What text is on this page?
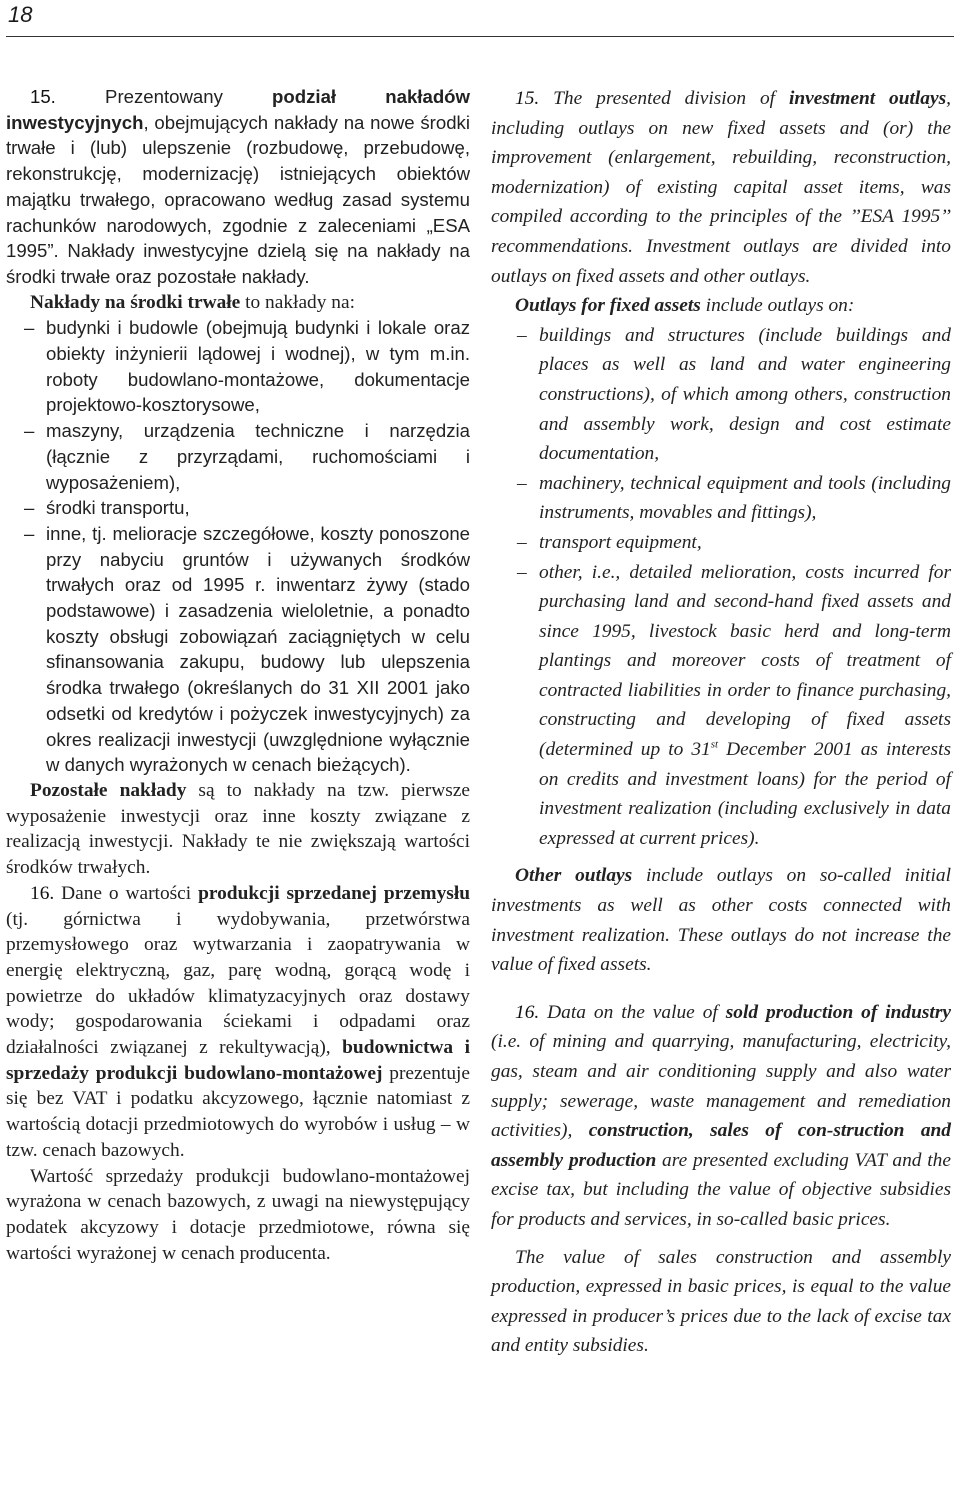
18

15. Prezentowany podział nakładów inwestycyjnych, obejmujących nakłady na nowe środki trwałe i (lub) ulepszenie (rozbudowę, przebudowę, rekonstrukcję, modernizację) istniejących obiektów majątku trwałego, opracowano według zasad systemu rachunków narodowych, zgodnie z zaleceniami „ESA 1995”. Nakłady inwestycyjne dzielą się na nakłady na środki trwałe oraz pozostałe nakłady.

Nakłady na środki trwałe to nakłady na:

– budynki i budowle (obejmują budynki i lokale oraz obiekty inżynierii lądowej i wodnej), w tym m.in. roboty budowlano-montażowe, dokumentacje projektowo-kosztorysowe,
– maszyny, urządzenia techniczne i narzędzia (łącznie z przyrządami, ruchomościami i wyposażeniem),
– środki transportu,
– inne, tj. melioracje szczegółowe, koszty ponoszone przy nabyciu gruntów i używanych środków trwałych oraz od 1995 r. inwentarz żywy (stado podstawowe) i zasadzenia wieloletnie, a ponadto koszty obsługi zobowiązań zaciągniętych w celu sfinansowania zakupu, budowy lub ulepszenia środka trwałego (określanych do 31 XII 2001 jako odsetki od kredytów i pożyczek inwestycyjnych) za okres realizacji inwestycji (uwzględnione wyłącznie w danych wyrażonych w cenach bieżących).

Pozostałe nakłady są to nakłady na tzw. pierwsze wyposażenie inwestycji oraz inne koszty związane z realizacją inwestycji. Nakłady te nie zwiększają wartości środków trwałych.

16. Dane o wartości produkcji sprzedanej przemysłu (tj. górnictwa i wydobywania, przetwórstwa przemysłowego oraz wytwarzania i zaopatrywania w energię elektryczną, gaz, parę wodną, gorącą wodę i powietrze do układów klimatyzacyjnych oraz dostawy wody; gospodarowania ściekami i odpadami oraz działalności związanej z rekultywacją), budownictwa i sprzedaży produkcji budowlano-montażowej prezentuje się bez VAT i podatku akcyzowego, łącznie natomiast z wartością dotacji przedmiotowych do wyrobów i usług – w tzw. cenach bazowych.

Wartość sprzedaży produkcji budowlano-montażowej wyrażona w cenach bazowych, z uwagi na niewystępujący podatek akcyzowy i dotacje przedmiotowe, równa się wartości wyrażonej w cenach producenta.

15. The presented division of investment outlays, including outlays on new fixed assets and (or) the improvement (enlargement, rebuilding, reconstruction, modernization) of existing capital asset items, was compiled according to the principles of the ’’ESA 1995’’ recommendations. Investment outlays are divided into outlays on fixed assets and other outlays.

Outlays for fixed assets include outlays on:

– buildings and structures (include buildings and places as well as land and water engineering constructions), of which among others, construction and assembly work, design and cost estimate documentation,
– machinery, technical equipment and tools (including instruments, movables and fittings),
– transport equipment,
– other, i.e., detailed melioration, costs incurred for purchasing land and second-hand fixed assets and since 1995, livestock basic herd and long-term plantings and moreover costs of treatment of contracted liabilities in order to finance purchasing, constructing and developing of fixed assets (determined up to 31st December 2001 as interests on credits and investment loans) for the period of investment realization (including exclusively in data expressed at current prices).

Other outlays include outlays on so-called initial investments as well as other costs connected with investment realization. These outlays do not increase the value of fixed assets.

16. Data on the value of sold production of industry (i.e. of mining and quarrying, manufacturing, electricity, gas, steam and air conditioning supply and also water supply; sewerage, waste management and remediation activities), construction, sales of con-struction and assembly production are presented excluding VAT and the excise tax, but including the value of objective subsidies for products and services, in so-called basic prices.

The value of sales construction and assembly production, expressed in basic prices, is equal to the value expressed in producer’s prices due to the lack of excise tax and entity subsidies.
